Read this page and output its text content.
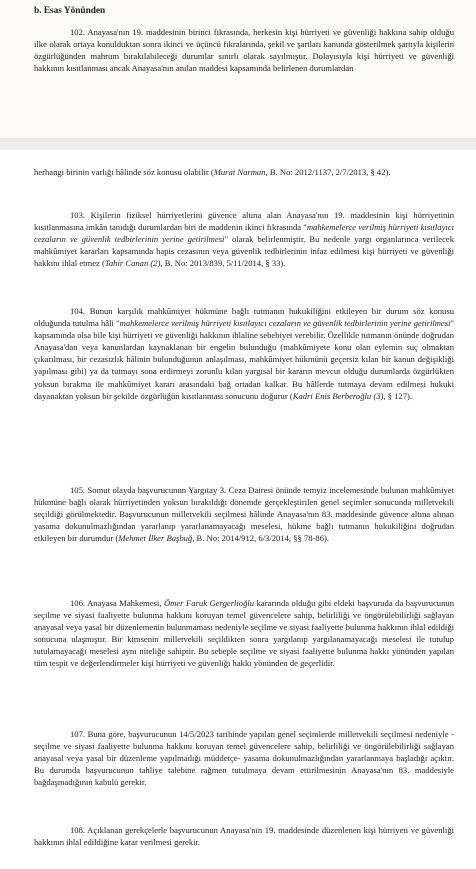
b. Esas Yönünden

102. Anayasa'nın 19. maddesinin birinci fıkrasında, herkesin kişi hürriyeti ve güvenliği hakkına sahip olduğu ilke olarak ortaya konulduktan sonra ikinci ve üçüncü fıkralarında, şekil ve şartları kanunda gösterilmek şartıyla kişilerin özgürlüğünden mahrum bırakılabileceği durumlar sınırlı olarak sayılmıştır. Dolayısıyla kişi hürriyeti ve güvenliği hakkının kısıtlanması ancak Anayasa'nın anılan maddesi kapsamında belirlenen durumlardan

herhangi birinin varlığı hâlinde söz konusu olabilir (Murat Narman, B. No: 2012/1137, 2/7/2013, § 42).

103. Kişilerin fiziksel hürriyetlerini güvence altına alan Anayasa'nın 19. maddesinin kişi hürriyetinin kısıtlanmasına imkân tanıdığı durumlardan biri de maddenin ikinci fıkrasında "mahkemelerce verilmiş hürriyeti kısıtlayıcı cezaların ve güvenlik tedbirlerinin yerine getirilmesi" olarak belirlenmiştir. Bu nedenle yargı organlarınca verilecek mahkûmiyet kararları kapsamında hapis cezasının veya güvenlik tedbirlerinin infaz edilmesi kişi hürriyeti ve güvenliği hakkını ihlal etmez (Tahir Canan (2), B. No: 2013/839, 5/11/2014, § 33).

104. Bunun karşılık mahkûmiyet hükmüne bağlı tutmanın hukukiliğini etkileyen bir durum söz konusu olduğunda tutulma hâli "mahkemelerce verilmiş hürriyeti kısıtlayıcı cezaların ve güvenlik tedbirlerinin yerine getirilmesi" kapsamında olsa bile kişi hürriyeti ve güvenliği hakkının ihlaline sebebiyet verebilir. Özellikle tutmanın önünde doğrudan Anayasa'dan veya kanunlardan kaynaklanan bir engelin bulunduğu (mahkûmiyete konu olan eylemin suç olmaktan çıkarılması, bir cezasızlık hâlinin bulunduğunun anlaşılması, mahkûmiyet hükmünü geçersiz kılan bir kanun değişikliği yapılması gibi) ya da tutmayı sona erdirmeyi zorunlu kılan yargısal bir kararın mevcut olduğu durumlarda özgürlükten yoksun bırakma ile mahkûmiyet kararı arasındaki bağ ortadan kalkar. Bu hâllerde tutmaya devam edilmesi hukuki dayanaktan yoksun bir şekilde özgürlüğün kısıtlanması sonucunu doğurur (Kadri Enis Berberoğlu (3), § 127).

105. Somut olayda başvurucunun Yargıtay 3. Ceza Dairesi önünde temyiz incelemesinde bulunan mahkûmiyet hükmüne bağlı olarak hürriyetinden yoksun bırakıldığı dönemde gerçekleştirilen genel seçimler sonucunda milletvekili seçildiği görülmektedir. Başvurucunun milletvekili seçilmesi hâlinde Anayasa'nın 83. maddesinde güvence altına alınan yasama dokunulmazlığından yararlanıp yararlanamayacağı meselesi, hükme bağlı tutmanın hukukiliğini doğrudan etkileyen bir durumdur (Mehmet İlker Başbuğ, B. No: 2014/912, 6/3/2014, §§ 78-86).

106. Anayasa Mahkemesi, Ömer Faruk Gergerlioğlu kararında olduğu gibi eldeki başvuruda da başvurucunun seçilme ve siyasi faaliyette bulunma hakkını koruyan temel güvencelere sahip, belirliliği ve öngörülebilirliği sağlayan anayasal veya yasal bir düzenlemenin bulunmaması nedeniyle seçilme ve siyasi faaliyette bulunma hakkının ihlal edildiği sonucuna ulaşmıştır. Bir kimsenin milletvekili seçildikten sonra yargılanıp yargılanamayacağı meselesi ile tutulup tutulamayacağı meselesi aynı niteliğe sahiptir. Bu sebeple seçilme ve siyasi faaliyette bulunma hakkı yönünden yapılan tüm tespit ve değerlendirmeler kişi hürriyeti ve güvenliği hakkı yönünden de geçerlidir.

107. Buna göre, başvurucunun 14/5/2023 tarihinde yapılan genel seçimlerde milletvekili seçilmesi nedeniyle -seçilme ve siyasi faaliyette bulunma hakkını koruyan temel güvencelere sahip, belirliliği ve öngörülebilirliği sağlayan anayasal veya yasal bir düzenleme yapılmadığı müddetçe- yasama dokunulmazlığından yararlanmaya başladığı açıktır. Bu durumda başvurucunun tahliye talebine rağmen tutulmaya devam ettirilmesinin Anayasa'nın 83. maddesiyle bağdaşmadığının kabulü gerekir.

108. Açıklanan gerekçelerle başvurucunun Anayasa'nın 19. maddesinde düzenlenen kişi hürriyeti ve güvenliği hakkının ihlal edildiğine karar verilmesi gerekir.
